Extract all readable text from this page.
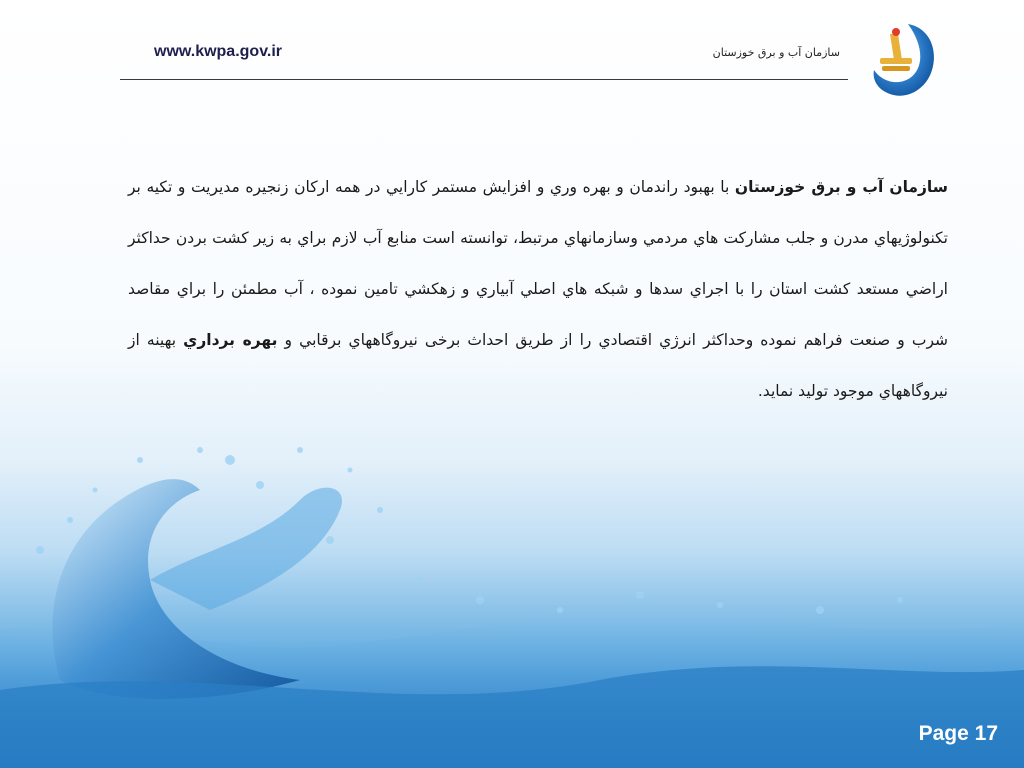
www.kwpa.gov.ir	سازمان آب و برق خوزستان
سازمان آب و برق خوزستان با بهبود راندمان و بهره وري و افزايش مستمر كارايي در همه اركان زنجيره مديريت و تكيه بر تكنولوژيهاي مدرن و جلب مشاركت هاي مردمي وسازمانهاي مرتبط، توانسته است منابع آب لازم براي به زير كشت بردن حداكثر اراضي مستعد كشت استان را با اجراي سدها و شبكه هاي اصلي آبياري و زهكشي تامين نموده ، آب مطمئن را براي مقاصد شرب و صنعت فراهم نموده وحداكثر انرژي اقتصادي را از طريق احداث برخی نيروگاههاي برقابي و بهره برداري بهينه از نيروگاههاي موجود توليد نمايد.
Page 17
